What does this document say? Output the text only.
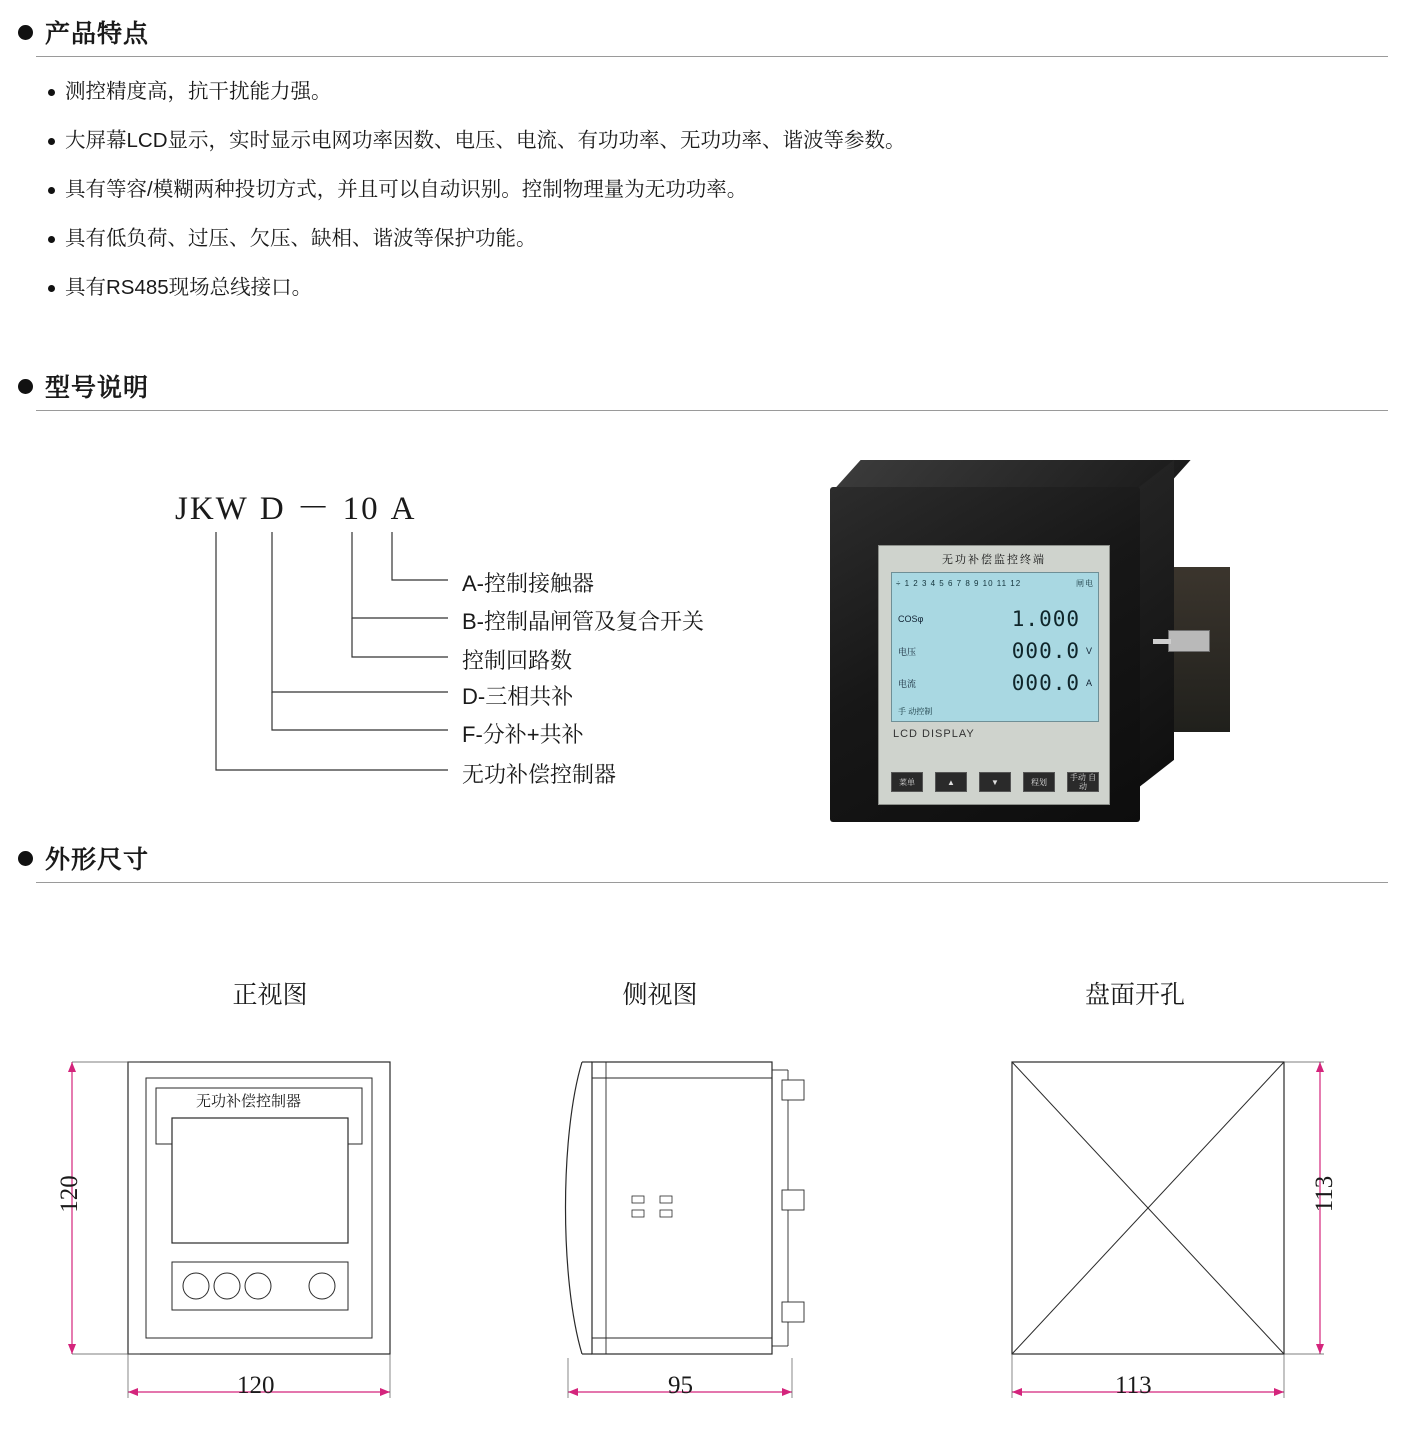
产品特点
测控精度高，抗干扰能力强。
大屏幕LCD显示，实时显示电网功率因数、电压、电流、有功功率、无功功率、谐波等参数。
具有等容/模糊两种投切方式，并且可以自动识别。控制物理量为无功功率。
具有低负荷、过压、欠压、缺相、谐波等保护功能。
具有RS485现场总线接口。
型号说明
JKW D － 10 A
A-控制接触器
B-控制晶闸管及复合开关
控制回路数
D-三相共补
F-分补+共补
无功补偿控制器
无功补偿监控终端
÷ 1 2 3 4 5 6 7 8 9 10 11 12	闸电
COSφ	1.000
电压	000.0 V
电流	000.0 A
手 动控制
LCD DISPLAY
菜单	▲	▼	程划	手动 自动
外形尺寸
正视图	侧视图	盘面开孔
无功补偿控制器
120
120	95
113
113
